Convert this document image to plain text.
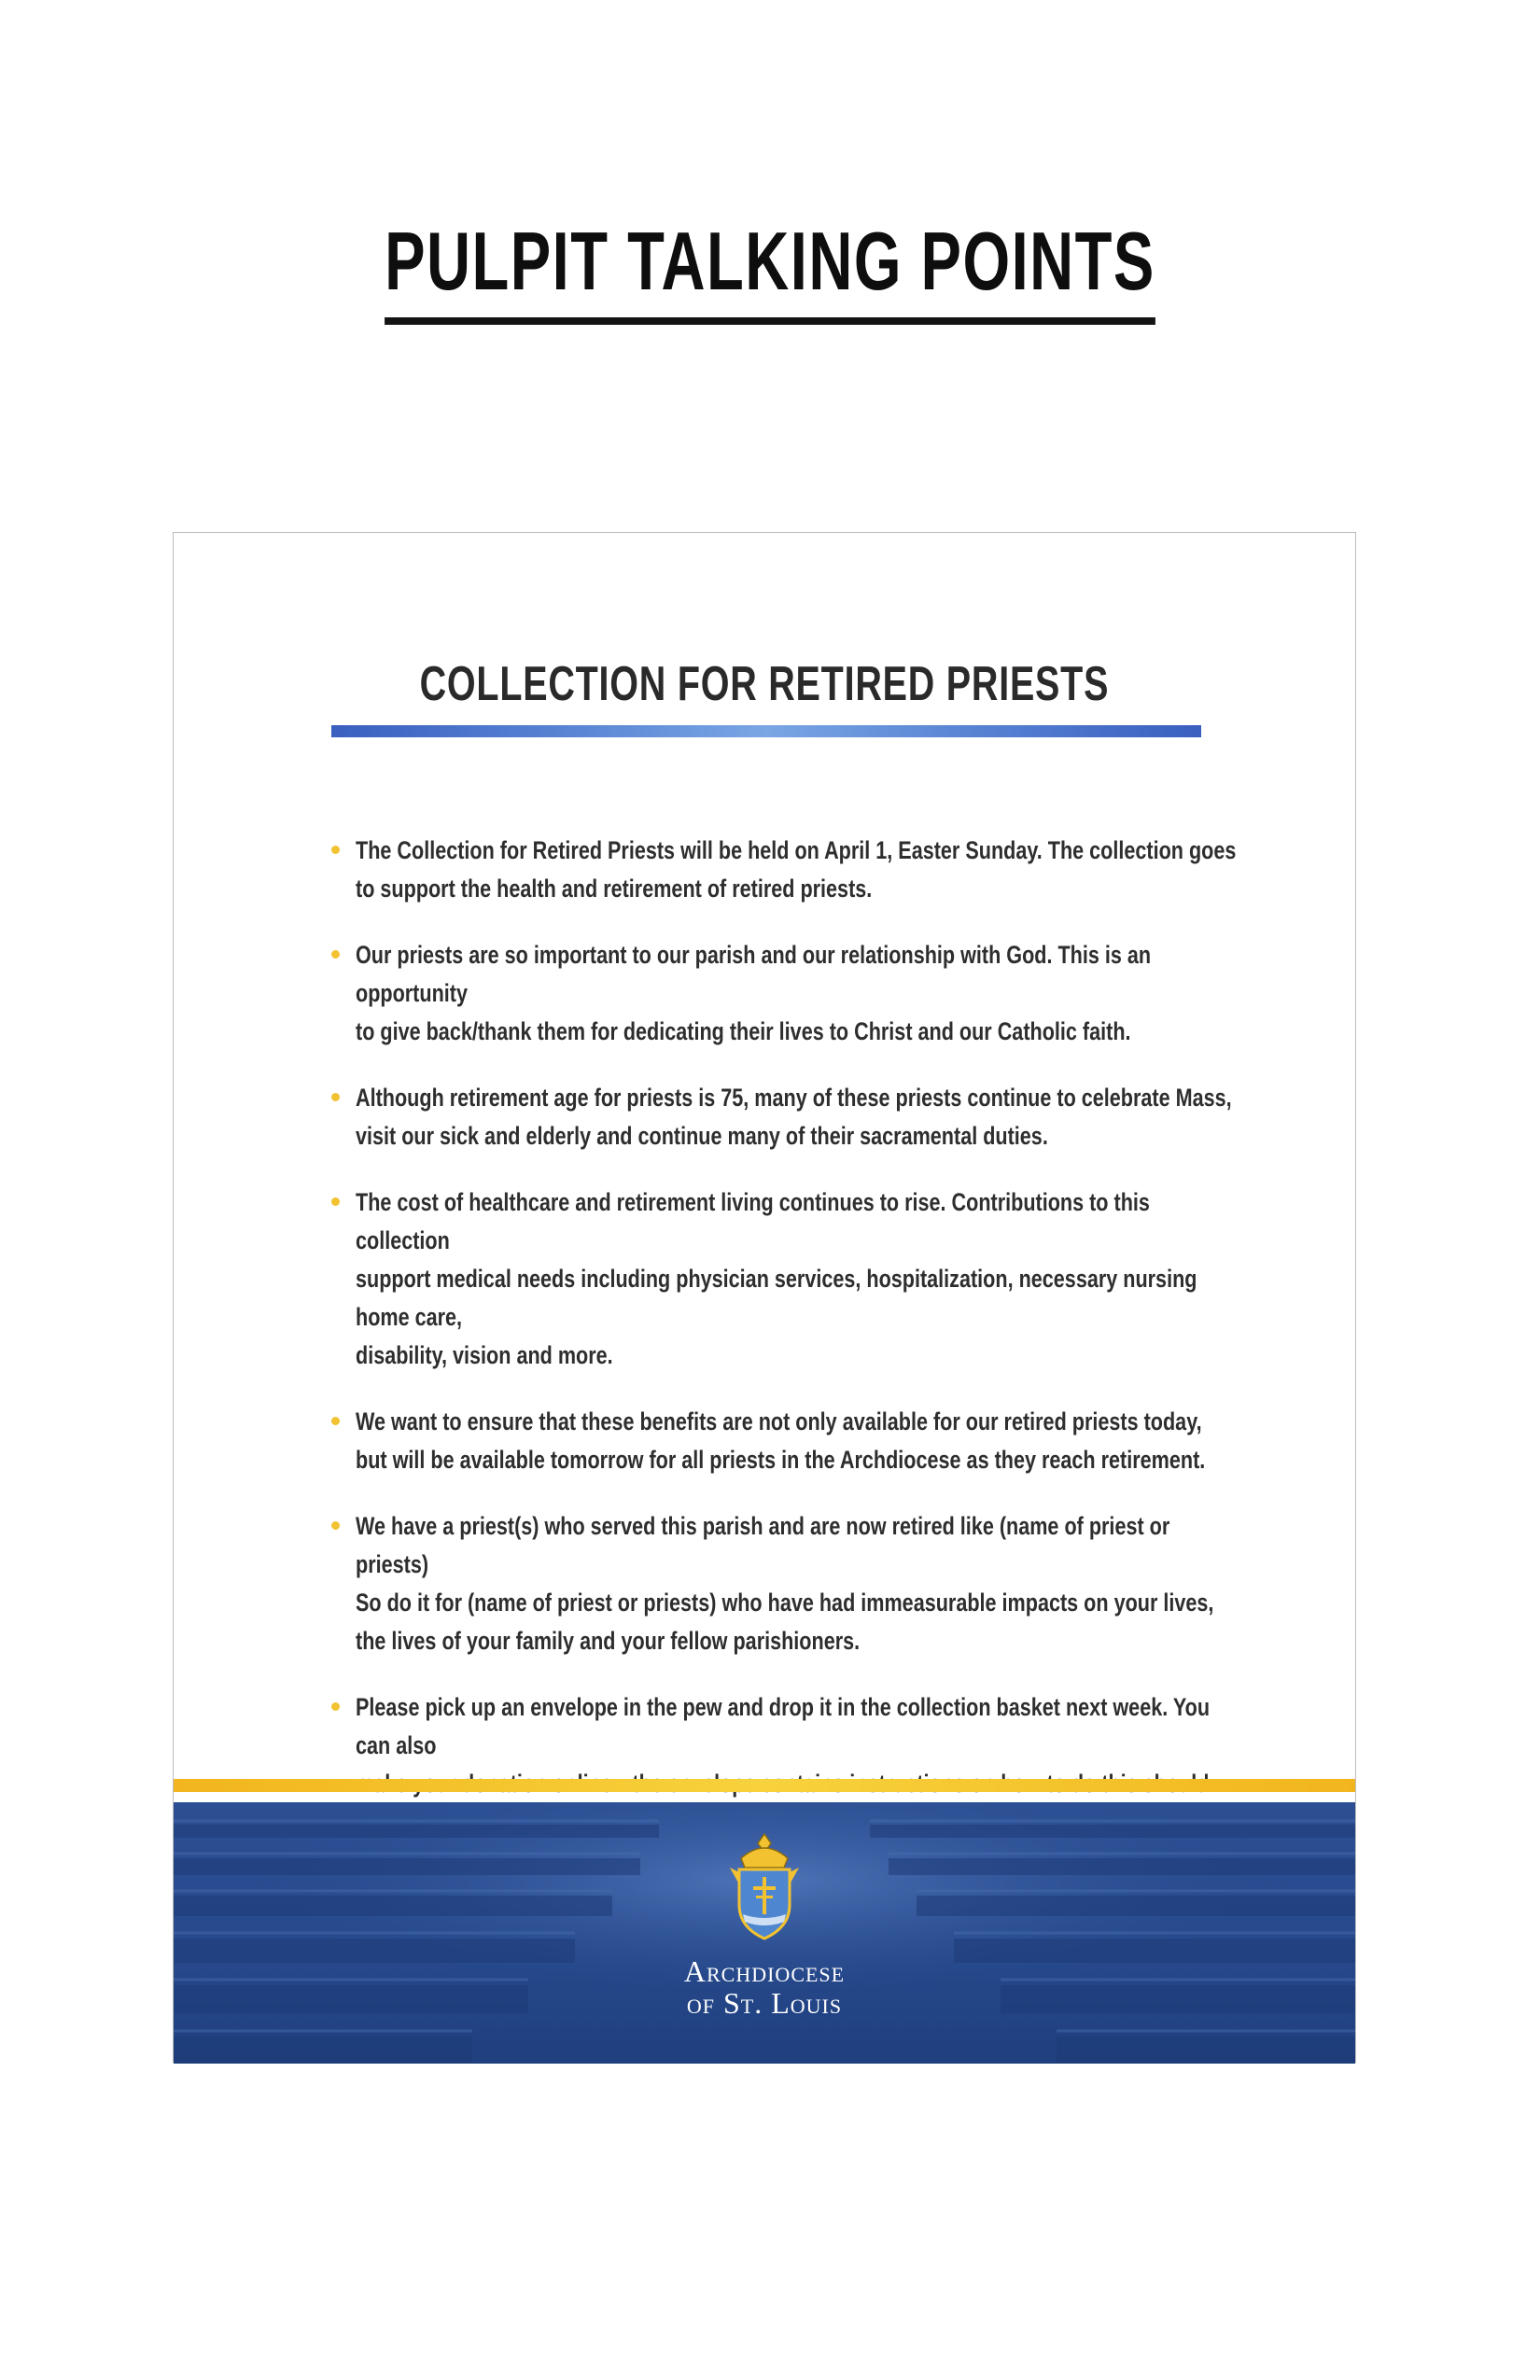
PULPIT TALKING POINTS
COLLECTION FOR RETIRED PRIESTS
The Collection for Retired Priests will be held on April 1, Easter Sunday. The collection goes
to support the health and retirement of retired priests.
Our priests are so important to our parish and our relationship with God. This is an opportunity
to give back/thank them for dedicating their lives to Christ and our Catholic faith.
Although retirement age for priests is 75, many of these priests continue to celebrate Mass,
visit our sick and elderly and continue many of their sacramental duties.
The cost of healthcare and retirement living continues to rise. Contributions to this collection
support medical needs including physician services, hospitalization, necessary nursing home care,
disability, vision and more.
We want to ensure that these benefits are not only available for our retired priests today,
but will be available tomorrow for all priests in the Archdiocese as they reach retirement.
We have a priest(s) who served this parish and are now retired like (name of priest or priests)
So do it for (name of priest or priests) who have had immeasurable impacts on your lives,
the lives of your family and your fellow parishioners.
Please pick up an envelope in the pew and drop it in the collection basket next week. You can also

Archdiocese
of St. Louis
